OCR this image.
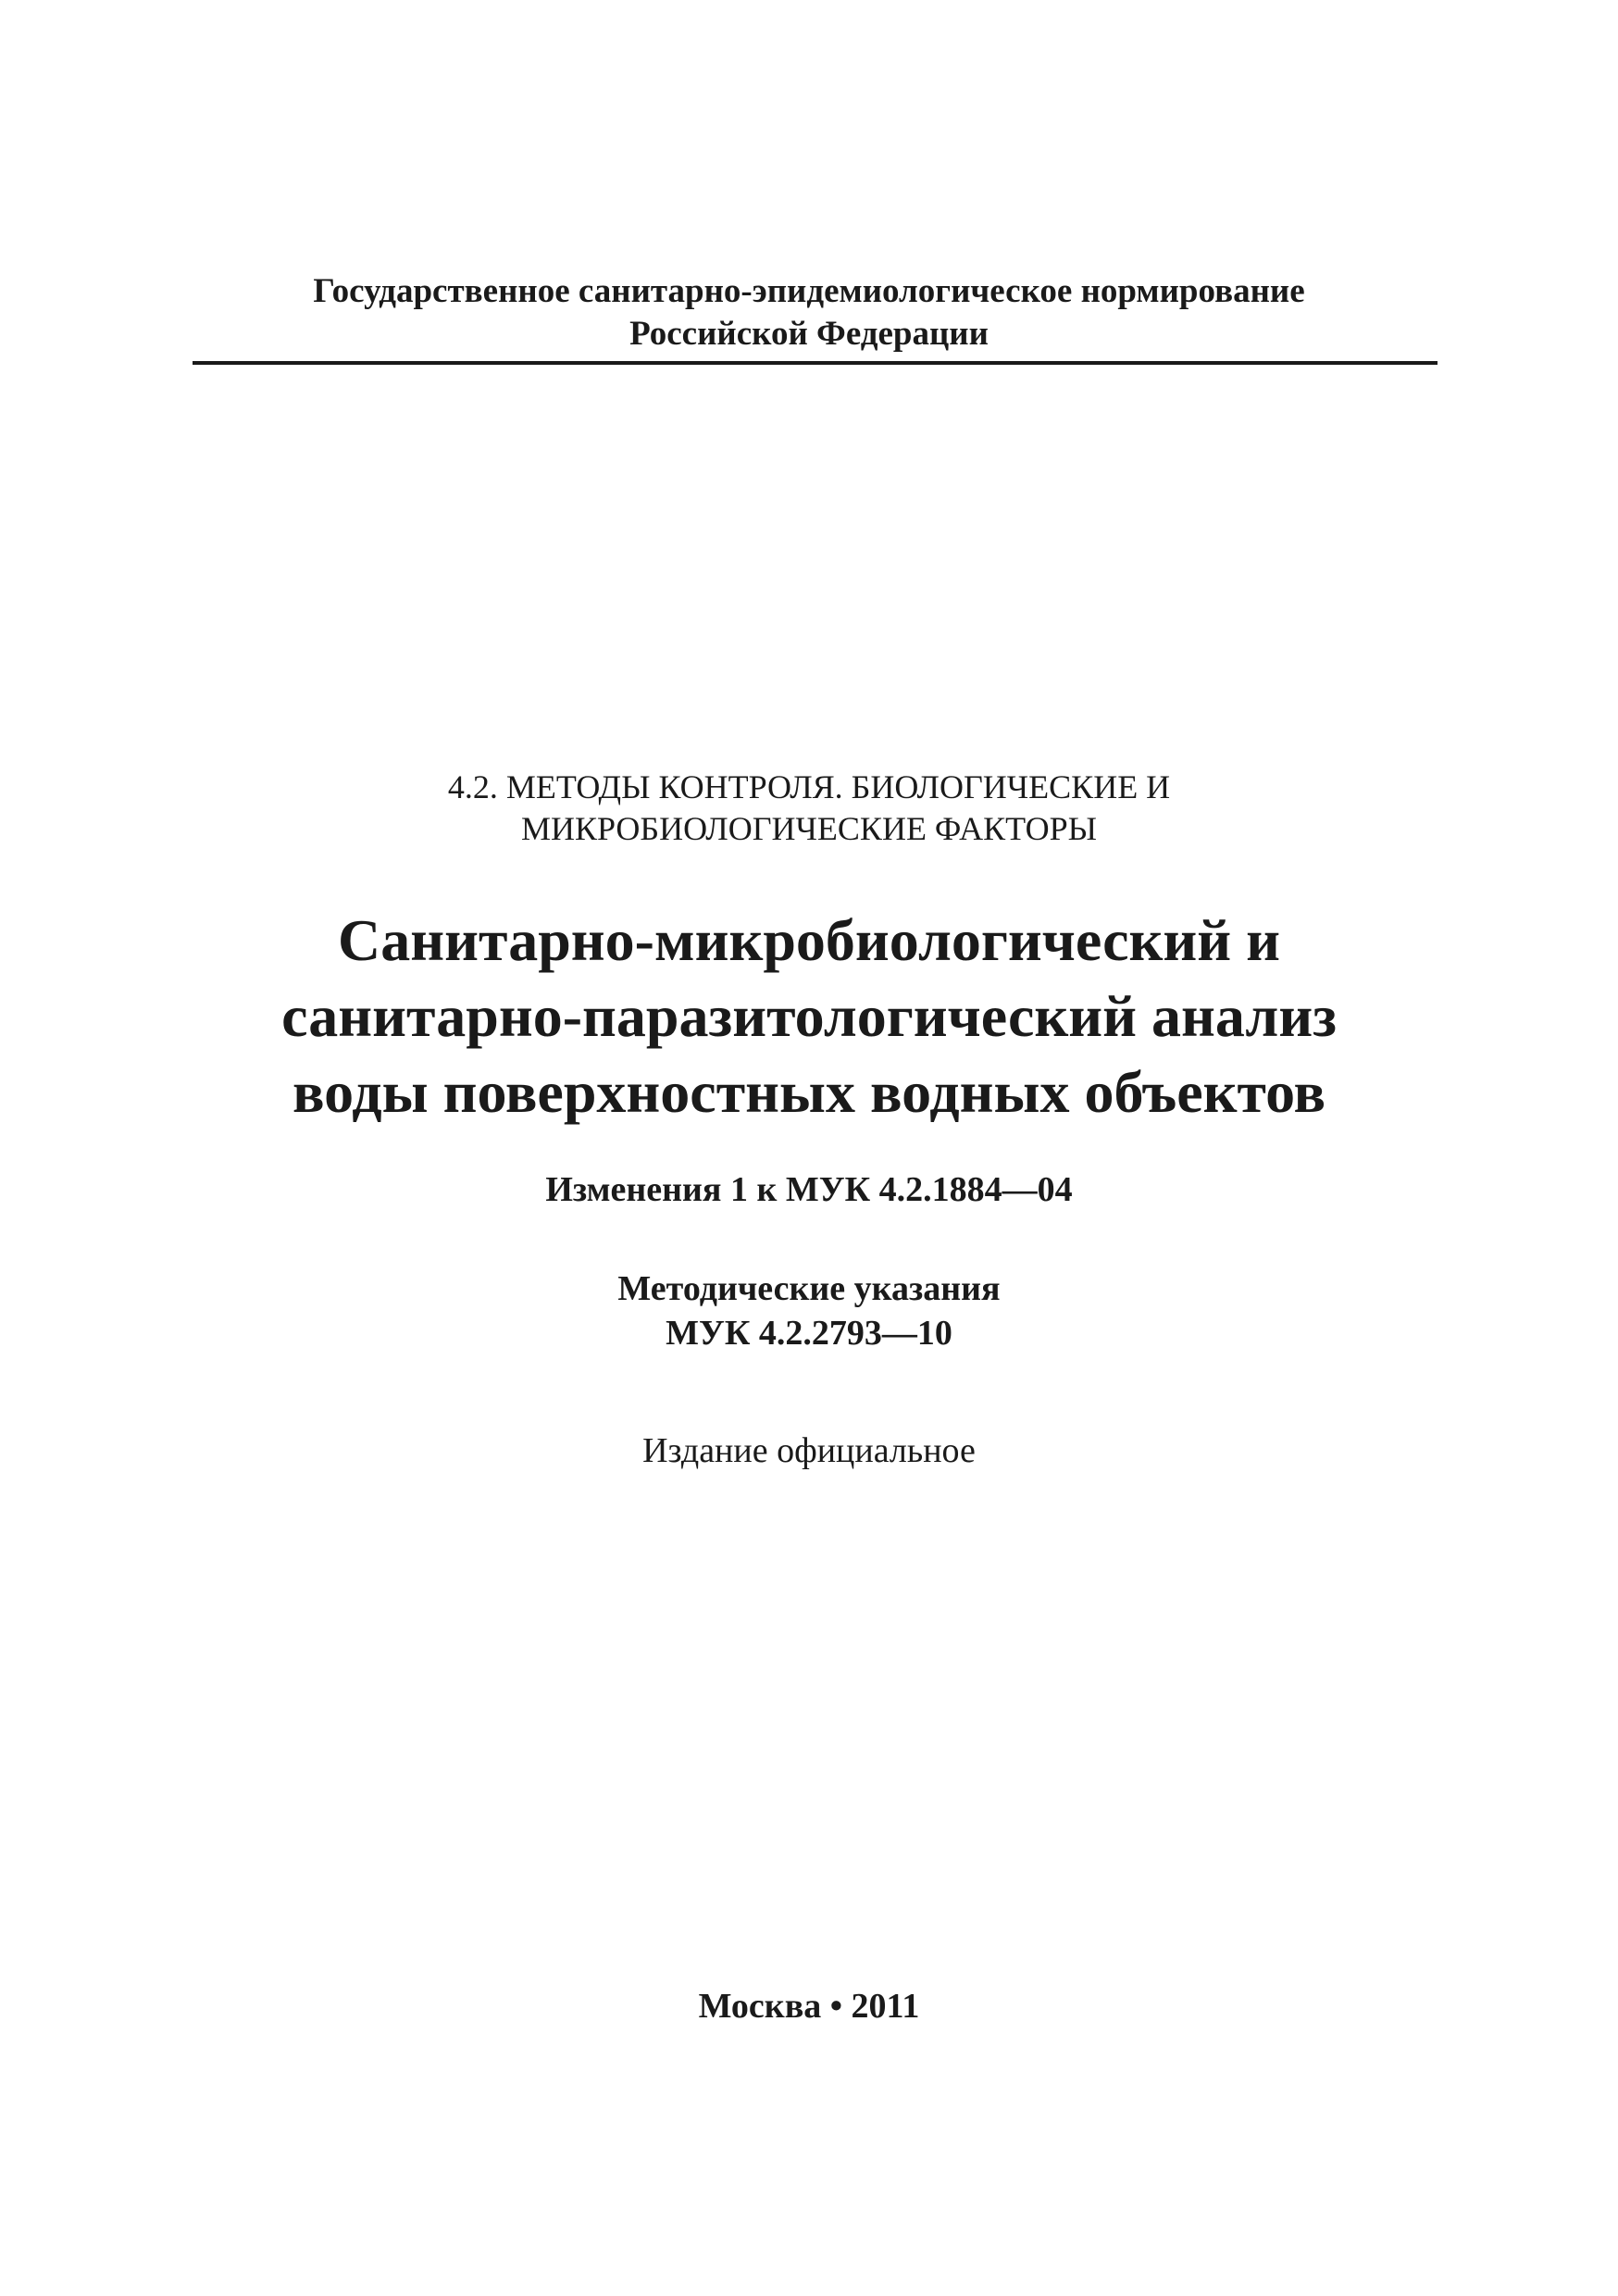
Государственное санитарно-эпидемиологическое нормирование
Российской Федерации
4.2. МЕТОДЫ КОНТРОЛЯ. БИОЛОГИЧЕСКИЕ И
МИКРОБИОЛОГИЧЕСКИЕ ФАКТОРЫ
Санитарно-микробиологический и
санитарно-паразитологический анализ
воды поверхностных водных объектов
Изменения 1 к МУК 4.2.1884—04
Методические указания
МУК 4.2.2793—10
Издание официальное
Москва • 2011
